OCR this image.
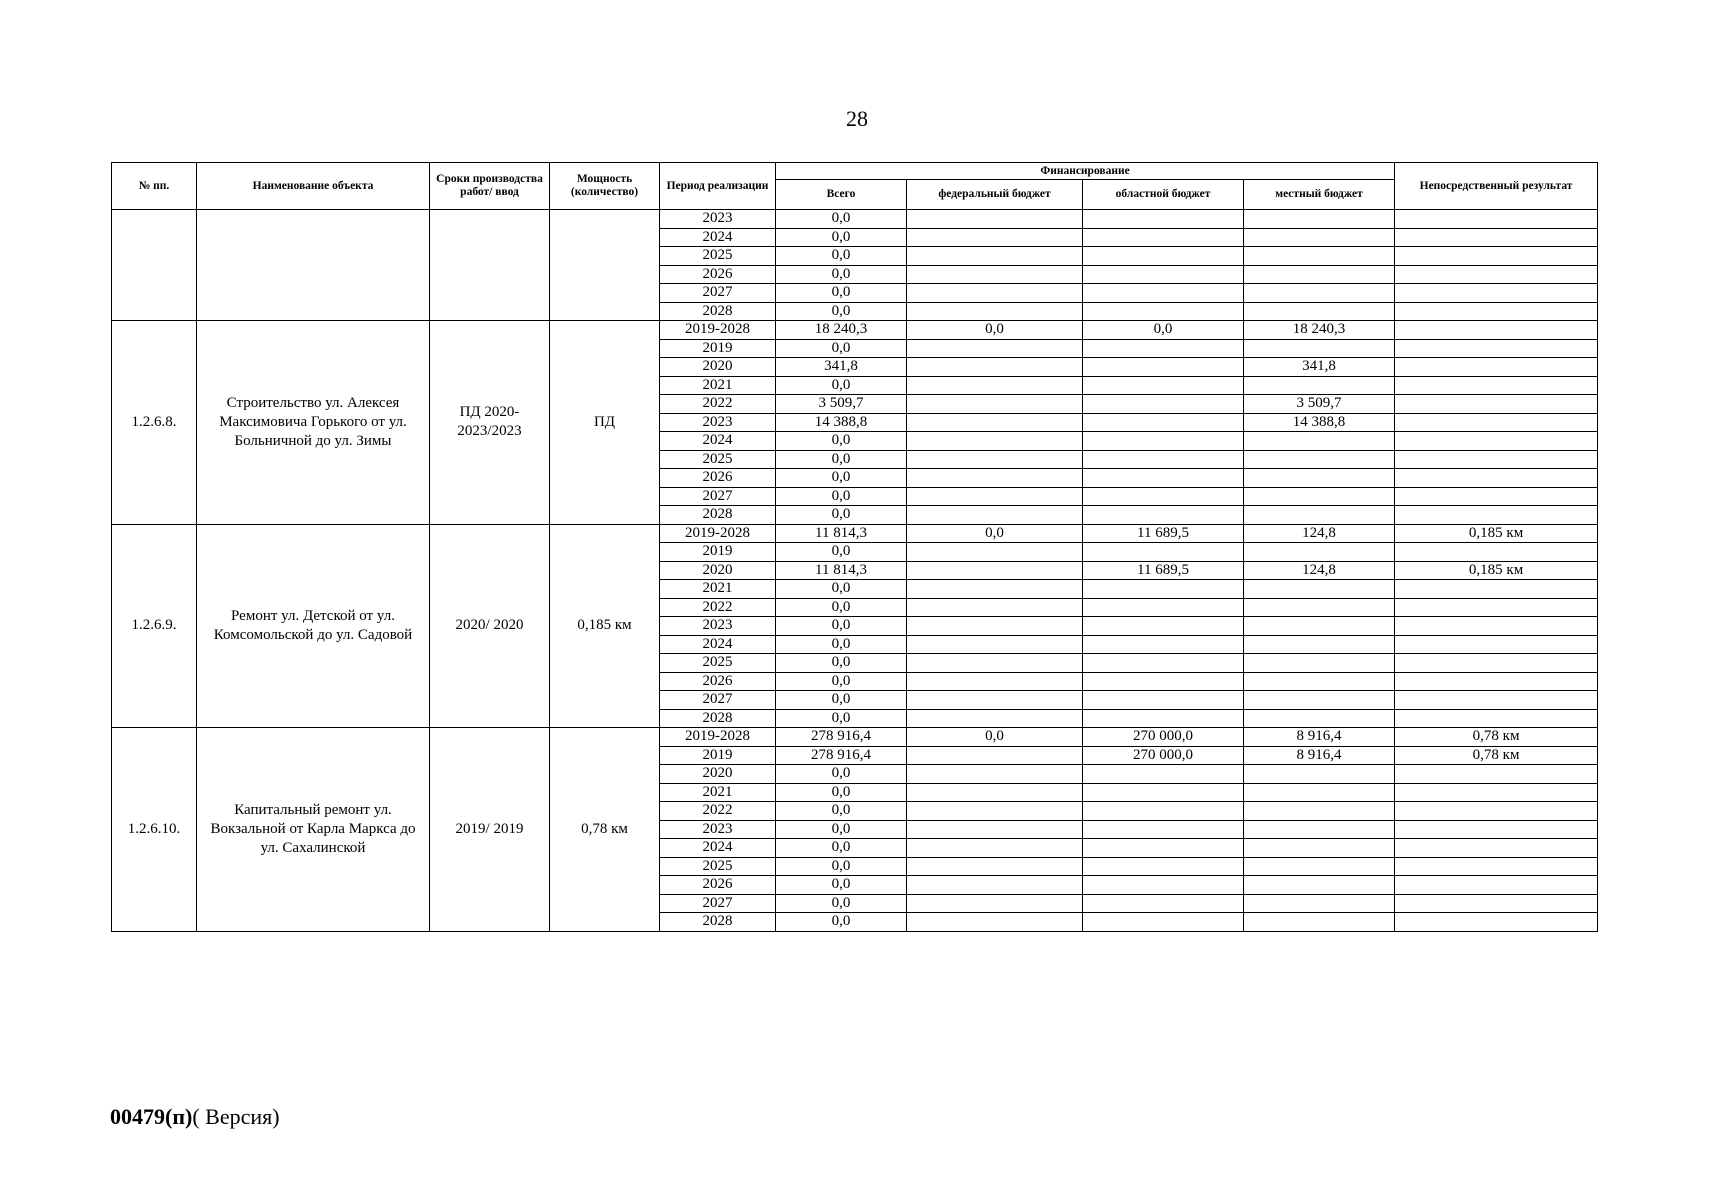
28
№ пп.	Наименование объекта	Сроки производства работ/ ввод	Мощность (количество)	Период реализации	Финансирование				Непосредственный результат
					Всего	федеральный бюджет	областной бюджет	местный бюджет	
				2023	0,0				
				2024	0,0				
				2025	0,0				
				2026	0,0				
				2027	0,0				
				2028	0,0				
1.2.6.8.	Строительство ул. Алексея Максимовича Горького от ул. Больничной до ул. Зимы	ПД 2020-2023/2023	ПД	2019-2028	18 240,3	0,0	0,0	18 240,3	
				2019	0,0				
				2020	341,8			341,8	
				2021	0,0				
				2022	3 509,7			3 509,7	
				2023	14 388,8			14 388,8	
				2024	0,0				
				2025	0,0				
				2026	0,0				
				2027	0,0				
				2028	0,0				
1.2.6.9.	Ремонт ул. Детской от ул. Комсомольской до ул. Садовой	2020/ 2020	0,185 км	2019-2028	11 814,3	0,0	11 689,5	124,8	0,185 км
				2019	0,0				
				2020	11 814,3		11 689,5	124,8	0,185 км
				2021	0,0				
				2022	0,0				
				2023	0,0				
				2024	0,0				
				2025	0,0				
				2026	0,0				
				2027	0,0				
				2028	0,0				
1.2.6.10.	Капитальный ремонт ул. Вокзальной от Карла Маркса до ул. Сахалинской	2019/ 2019	0,78 км	2019-2028	278 916,4	0,0	270 000,0	8 916,4	0,78 км
				2019	278 916,4		270 000,0	8 916,4	0,78 км
				2020	0,0				
				2021	0,0				
				2022	0,0				
				2023	0,0				
				2024	0,0				
				2025	0,0				
				2026	0,0				
				2027	0,0				
				2028	0,0				
00479(п)( Версия)
